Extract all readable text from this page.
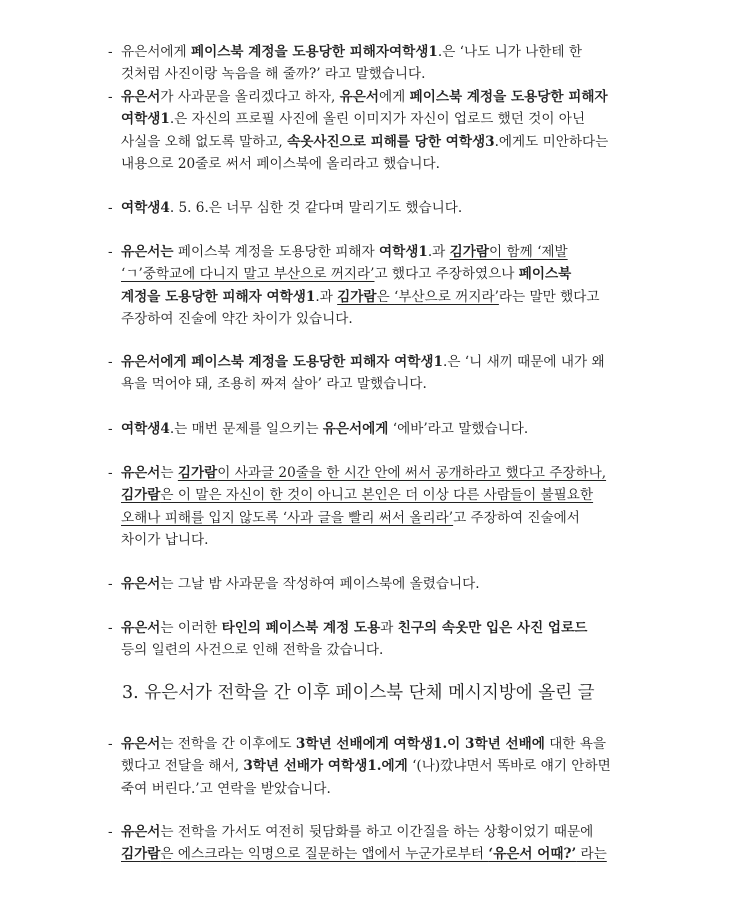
- 유은서에게 페이스북 계정을 도용당한 피해자여학생1.은 ‘나도 니가 나한테 한
것처럼 사진이랑 녹음을 해 줄까?’ 라고 말했습니다.
- 유은서가 사과문을 올리겠다고 하자, 유은서에게 페이스북 계정을 도용당한 피해자
여학생1.은 자신의 프로필 사진에 올린 이미지가 자신이 업로드 했던 것이 아닌
사실을 오해 없도록 말하고, 속옷사진으로 피해를 당한 여학생3.에게도 미안하다는
내용으로 20줄로 써서 페이스북에 올리라고 했습니다.
- 여학생4. 5. 6.은 너무 심한 것 같다며 말리기도 했습니다.
- 유은서는 페이스북 계정을 도용당한 피해자 여학생1.과 김가람이 함께 ‘제발
‘ㄱ’중학교에 다니지 말고 부산으로 꺼지라’고 했다고 주장하였으나 페이스북
계정을 도용당한 피해자 여학생1.과 김가람은 ‘부산으로 꺼지라’라는 말만 했다고
주장하여 진술에 약간 차이가 있습니다.
- 유은서에게 페이스북 계정을 도용당한 피해자 여학생1.은 ‘니 새끼 때문에 내가 왜
욕을 먹어야 돼, 조용히 짜져 살아’ 라고 말했습니다.
- 여학생4.는 매번 문제를 일으키는 유은서에게 ‘에바’라고 말했습니다.
- 유은서는 김가람이 사과글 20줄을 한 시간 안에 써서 공개하라고 했다고 주장하나,
김가람은 이 말은 자신이 한 것이 아니고 본인은 더 이상 다른 사람들이 불필요한
오해나 피해를 입지 않도록 ‘사과 글을 빨리 써서 올리라’고 주장하여 진술에서
차이가 납니다.
- 유은서는 그날 밤 사과문을 작성하여 페이스북에 올렸습니다.
- 유은서는 이러한 타인의 페이스북 계정 도용과 친구의 속옷만 입은 사진 업로드
등의 일련의 사건으로 인해 전학을 갔습니다.
3. 유은서가 전학을 간 이후 페이스북 단체 메시지방에 올린 글
- 유은서는 전학을 간 이후에도 3학년 선배에게 여학생1.이 3학년 선배에 대한 욕을
했다고 전달을 해서, 3학년 선배가 여학생1.에게 ‘(나)깠냐면서 똑바로 얘기 안하면
죽여 버린다.’고 연락을 받았습니다.
- 유은서는 전학을 가서도 여전히 뒷담화를 하고 이간질을 하는 상황이었기 때문에
김가람은 에스크라는 익명으로 질문하는 앱에서 누군가로부터 ‘유은서 어때?’ 라는
